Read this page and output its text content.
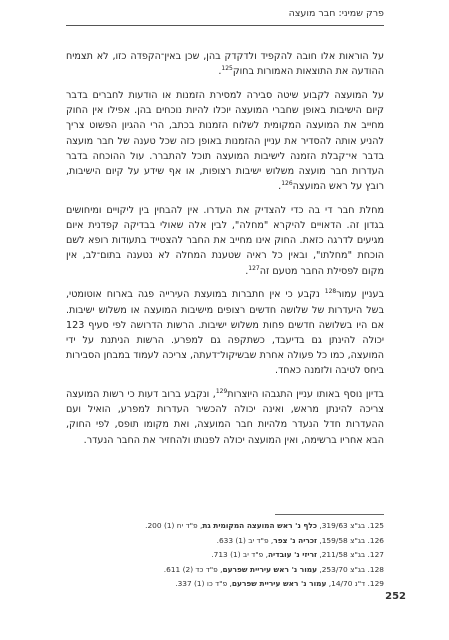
פרק שמיני: חבר מועצה

על הוראות אלו חובה להקפיד ולדקדק בהן, שכן באין־הקפדה כזו, לא תצמיח ההודעה את התוצאות האמורות בחוק$^{125}$.

על המועצה לקבוע שיטה סבירה למסירת הזמנות או הודעות לחברים בדבר קיום הישיבות באופן שחברי המועצה יוכלו להיות נוכחים בהן. אפילו אין החוק מחייב את המועצה המקומית לשלוח הזמנות בכתב, הרי ההגיון הפשוט צריך להניע אותה להסדיר את עניין ההזמנות באופן כזה שכל טענה של חבר מועצה בדבר אי־קבלת הזמנה לישיבות המועצה תוכל להתברר. עול ההוכחה בדבר העדרות חבר מועצה משלוש ישיבות רצופות, או אף שידע על קיום הישיבות, רובץ על ראש המועצה$^{126}$.

מחלת חבר די בה כדי להצדיק את העדרו. אין להבחין בין ליקויים ומיחושים בגדון זה. הדאויים להיקרא "מחלה", לבין אלה שאולי בבדיקה קפדנית איום מגיעים לדרגה כזאת. החוק אינו מחייב את החבר להצטייד בתעודות רופא לשם הוכחת "מחלתו", ובאין כל ראיה שטענת המחלה לא נטענה בתום־לב, אין מקום לפסילת החבר מטעם זה$^{127}$.

בעניין עמור$^{128}$ נקבע כי אין חתברות במועצת העירייה פגה בארוח אוטומטי, בשל היעדרות של שלושה חדשים רצופים מישיבות המועצה או משלוש ישיבות. אם היו בשלושה חדשים פחות משלוש ישיבות. הרשות הדרושה לפי סעיף 123 יכולה להינתן גם בדיעבד, כשתקפה גם למפרע. הרשות הניתנת על ידי המועצה, כמו כל פעולה אחרת שבשיקול־דעתה, צריכה לעמוד במבחן הסבירות ביחס לטיבה ולזמנה כאחד.

בדיון נוסף באותו עניין התגבהו היוצרות$^{129}$, ונקבע ברוב דעות כי רשות המועצה צריכה להינתן מראש, ואינה יכולה להכשיר העדרות למפרע, הואיל ועם ההעדרות חדל הנעדר מלהיות חבר המועצה, ואת מקומו תופס, לפי החוק, הבא אחריו ברשימה, ואין המועצה יכולה לפנותו ולהחזיר את החבר הנעדר.

125. בג"צ 319/63, כלף נ' ראש המועצה המקומית גת, פ"ד יח (1) 200.
126. בג"צ 159/58, זכריה נ' צפר, פ"ד יב (1) 633.
127. בג"צ 211/58, זריזי נ' עובדיה, פ"ד יב (1) 713.
128. בג"צ 253/70, עמור נ' ראש עיריית שפרעם, פ"ד כד (2) 611.
129. ד"נ 14/70, עמור נ' ראש עיריית שפרעם, פ"ד כו (1) 337.
252
